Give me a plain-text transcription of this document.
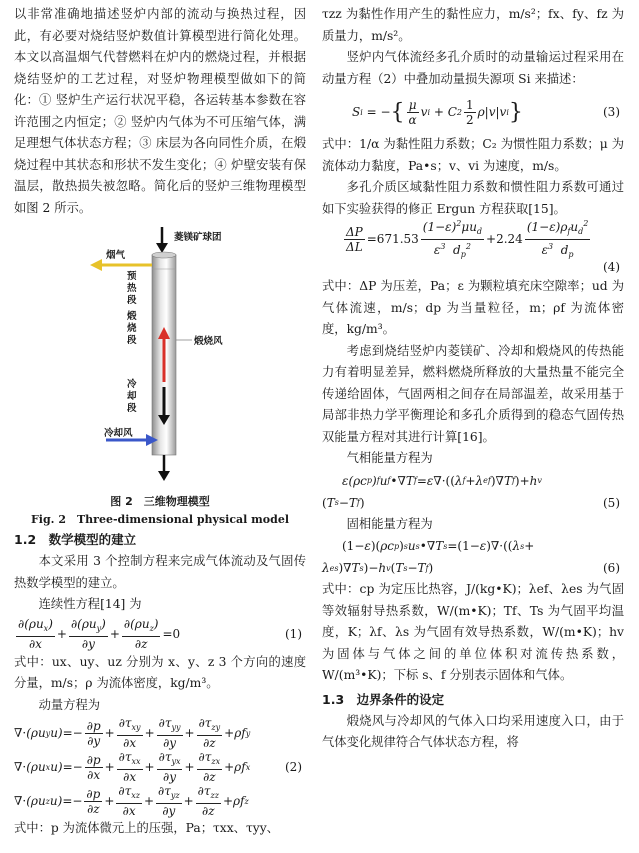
以非常准确地描述竖炉内部的流动与换热过程，因此，有必要对烧结竖炉数值计算模型进行简化处理。本文以高温烟气代替燃料在炉内的燃烧过程，并根据烧结竖炉的工艺过程，对竖炉物理模型做如下的简化：① 竖炉生产运行状况平稳，各运转基本参数在容许范围之内恒定；② 竖炉内气体为不可压缩气体，满足理想气体状态方程；③ 床层为各向同性介质，在煅烧过程中其状态和形状不发生变化；④ 炉壁安装有保温层，散热损失被忽略。简化后的竖炉三维物理模型如图 2 所示。

菱镁矿球团
烟气
预热段
煅烧段	煅烧风
冷却段
冷却风
图 2　三维物理模型
Fig. 2　Three-dimensional physical model
1.2　数学模型的建立

本文采用 3 个控制方程来完成气体流动及气固传热数学模型的建立。

连续性方程[14] 为

$\frac{\partial(\rho u_x)}{\partial x} + \frac{\partial(\rho u_y)}{\partial y} + \frac{\partial(\rho u_z)}{\partial z} =0$	(1)

式中：ux、uy、uz 分别为 x、y、z 3 个方向的速度分量，m/s；ρ 为流体密度，kg/m³。

动量方程为

∇· (ρu y $u) =- \frac{\partial p}{\partial y} + \frac{\partial\tau_{xy}}{\partial x} + \frac{\partial\tau_{yy}}{\partial y} + \frac{\partial\tau_{zy}}{\partial z} +\rho f$ y
∇· (ρu x $u) =- \frac{\partial p}{\partial x} + \frac{\partial\tau_{xx}}{\partial x} + \frac{\partial\tau_{yx}}{\partial y} + \frac{\partial\tau_{zx}}{\partial z} +\rho f$ x	(2)
∇· (ρu z $u) =- \frac{\partial p}{\partial z} + \frac{\partial\tau_{xz}}{\partial x} + \frac{\partial\tau_{yz}}{\partial y} + \frac{\partial\tau_{zz}}{\partial z} +\rho f$ z

式中：p 为流体微元上的压强，Pa；τxx、τyy、

τzz 为黏性作用产生的黏性应力，m/s²；fx、fy、fz 为质量力，m/s²。

竖炉内气体流经多孔介质时的动量输运过程采用在动量方程（2）中叠加动量损失源项 Si 来描述：

S i = − { $\frac{\mu}{\alpha}$ v i + C $2 \frac{1}{2} \rho|v|v$ i }	(3)

式中：1/α 为黏性阻力系数；C₂ 为惯性阻力系数；μ 为流体动力黏度，Pa•s；v、vi 为速度，m/s。

多孔介质区域黏性阻力系数和惯性阻力系数可通过如下实验获得的修正 Ergun 方程获取[15]。

$\frac{\Delta P}{\Delta L} =671.53 \frac{(1-\varepsilon)^2\mu u_d}{\varepsilon^3 d_p^2} +2.24 \frac{(1-\varepsilon)\rho_fu_d^2}{\varepsilon^3 d_p}$
(4)

式中：ΔP 为压差，Pa；ε 为颗粒填充床空隙率；ud 为气体流速，m/s；dp 为当量粒径，m；ρf 为流体密度，kg/m³。

考虑到烧结竖炉内菱镁矿、冷却和煅烧风的传热能力有着明显差异，燃料燃烧所释放的大量热量不能完全传递给固体，气固两相之间存在局部温差，故采用基于局部非热力学平衡理论和多孔介质得到的稳态气固传热双能量方程对其进行计算[16]。

气相能量方程为

ε(ρc p ) f u f •∇ T f = ε ∇·(( λ f +λ ef )∇ T f )+ h v
( T s − T f )	(5)

固相能量方程为

(1− ε )( ρc p ) s u s •∇ T s =(1− ε )∇·(( λ s +
λ es )∇ T s )− h v ( T s − T f )	(6)

式中：cp 为定压比热容，J/(kg•K)；λef、λes 为气固等效辐射导热系数，W/(m•K)；Tf、Ts 为气固平均温度，K；λf、λs 为气固有效导热系数，W/(m•K)；hv 为固体与气体之间的单位体积对流传热系数，W/(m³•K)；下标 s、f 分别表示固体和气体。

1.3　边界条件的设定

煅烧风与冷却风的气体入口均采用速度入口，由于气体变化规律符合气体状态方程，将
